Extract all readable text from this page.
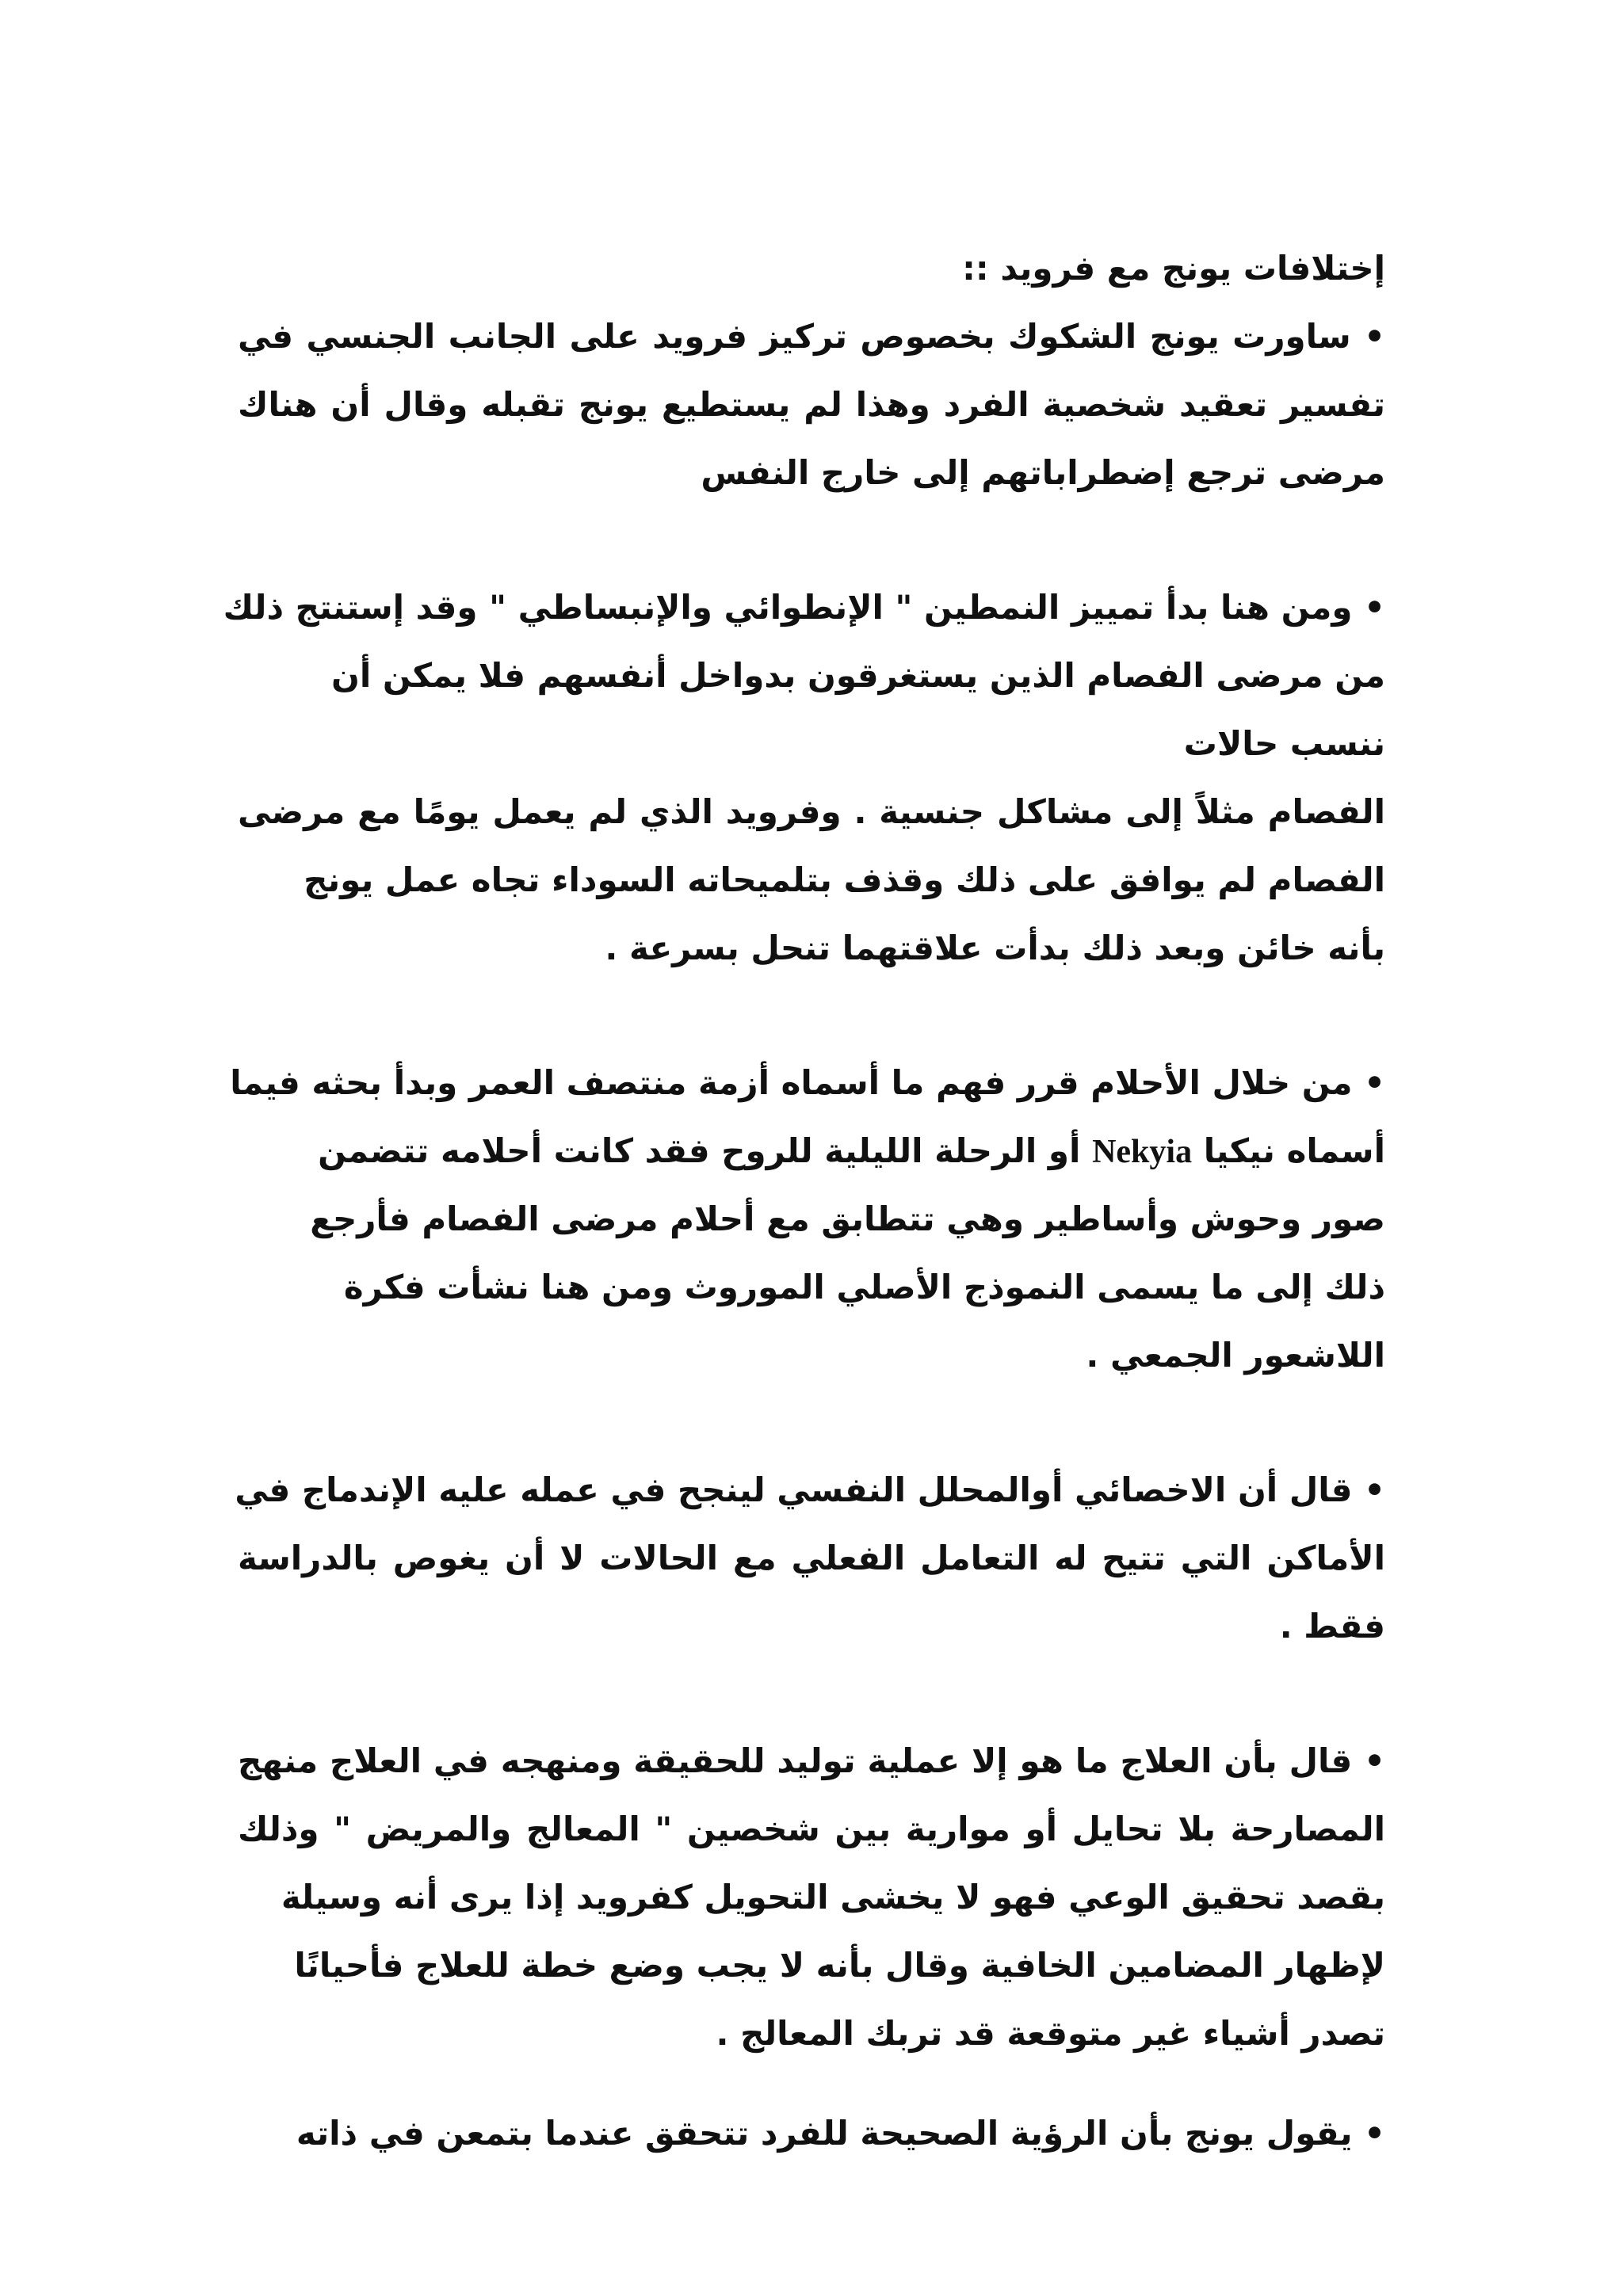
إختلافات يونج مع فرويد ::
• ساورت يونج الشكوك بخصوص تركيز فرويد على الجانب الجنسي في
تفسير تعقيد شخصية الفرد وهذا لم يستطيع يونج تقبله وقال أن هناك
مرضى ترجع إضطراباتهم إلى خارج النفس
• ومن هنا بدأ تمييز النمطين " الإنطوائي والإنبساطي " وقد إستنتج ذلك
من مرضى الفصام الذين يستغرقون بدواخل أنفسهم فلا يمكن أن
ننسب حالات
الفصام مثلاً إلى مشاكل جنسية . وفرويد الذي لم يعمل يومًا مع مرضى
الفصام لم يوافق على ذلك وقذف بتلميحاته السوداء تجاه عمل يونج
بأنه خائن وبعد ذلك بدأت علاقتهما تنحل بسرعة .
• من خلال الأحلام قرر فهم ما أسماه أزمة منتصف العمر وبدأ بحثه فيما
أسماه نيكيا Nekyia أو الرحلة الليلية للروح فقد كانت أحلامه تتضمن
صور وحوش وأساطير وهي تتطابق مع أحلام مرضى الفصام فأرجع
ذلك إلى ما يسمى النموذج الأصلي الموروث ومن هنا نشأت فكرة
اللاشعور الجمعي .
• قال أن الاخصائي أوالمحلل النفسي لينجح في عمله عليه الإندماج في
الأماكن التي تتيح له التعامل الفعلي مع الحالات لا أن يغوص بالدراسة
فقط .
• قال بأن العلاج ما هو إلا عملية توليد للحقيقة ومنهجه في العلاج منهج
المصارحة بلا تحايل أو موارية بين شخصين " المعالج والمريض " وذلك
بقصد تحقيق الوعي فهو لا يخشى التحويل كفرويد إذا يرى أنه وسيلة
لإظهار المضامين الخافية وقال بأنه لا يجب وضع خطة للعلاج فأحيانًا
تصدر أشياء غير متوقعة قد تربك المعالج .
• يقول يونج بأن الرؤية الصحيحة للفرد تتحقق عندما بتمعن في ذاته
